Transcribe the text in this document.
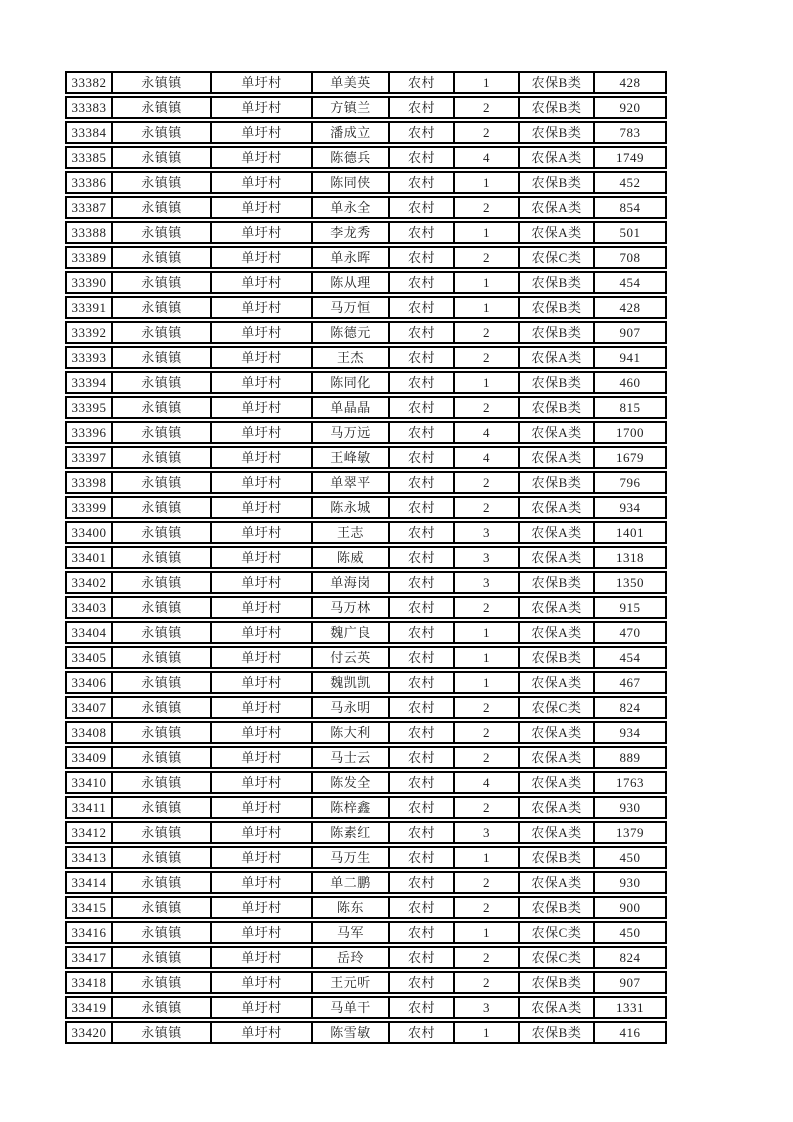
33382	永镇镇	单圩村	单美英	农村	1	农保B类	428
33383	永镇镇	单圩村	方镇兰	农村	2	农保B类	920
33384	永镇镇	单圩村	潘成立	农村	2	农保B类	783
33385	永镇镇	单圩村	陈德兵	农村	4	农保A类	1749
33386	永镇镇	单圩村	陈同侠	农村	1	农保B类	452
33387	永镇镇	单圩村	单永全	农村	2	农保A类	854
33388	永镇镇	单圩村	李龙秀	农村	1	农保A类	501
33389	永镇镇	单圩村	单永晖	农村	2	农保C类	708
33390	永镇镇	单圩村	陈从理	农村	1	农保B类	454
33391	永镇镇	单圩村	马万恒	农村	1	农保B类	428
33392	永镇镇	单圩村	陈德元	农村	2	农保B类	907
33393	永镇镇	单圩村	王杰	农村	2	农保A类	941
33394	永镇镇	单圩村	陈同化	农村	1	农保B类	460
33395	永镇镇	单圩村	单晶晶	农村	2	农保B类	815
33396	永镇镇	单圩村	马万远	农村	4	农保A类	1700
33397	永镇镇	单圩村	王峰敏	农村	4	农保A类	1679
33398	永镇镇	单圩村	单翠平	农村	2	农保B类	796
33399	永镇镇	单圩村	陈永城	农村	2	农保A类	934
33400	永镇镇	单圩村	王志	农村	3	农保A类	1401
33401	永镇镇	单圩村	陈威	农村	3	农保A类	1318
33402	永镇镇	单圩村	单海岗	农村	3	农保B类	1350
33403	永镇镇	单圩村	马万林	农村	2	农保A类	915
33404	永镇镇	单圩村	魏广良	农村	1	农保A类	470
33405	永镇镇	单圩村	付云英	农村	1	农保B类	454
33406	永镇镇	单圩村	魏凯凯	农村	1	农保A类	467
33407	永镇镇	单圩村	马永明	农村	2	农保C类	824
33408	永镇镇	单圩村	陈大利	农村	2	农保A类	934
33409	永镇镇	单圩村	马士云	农村	2	农保A类	889
33410	永镇镇	单圩村	陈发全	农村	4	农保A类	1763
33411	永镇镇	单圩村	陈梓鑫	农村	2	农保A类	930
33412	永镇镇	单圩村	陈素红	农村	3	农保A类	1379
33413	永镇镇	单圩村	马万生	农村	1	农保B类	450
33414	永镇镇	单圩村	单二鹏	农村	2	农保A类	930
33415	永镇镇	单圩村	陈东	农村	2	农保B类	900
33416	永镇镇	单圩村	马军	农村	1	农保C类	450
33417	永镇镇	单圩村	岳玲	农村	2	农保C类	824
33418	永镇镇	单圩村	王元听	农村	2	农保B类	907
33419	永镇镇	单圩村	马单干	农村	3	农保A类	1331
33420	永镇镇	单圩村	陈雪敏	农村	1	农保B类	416
